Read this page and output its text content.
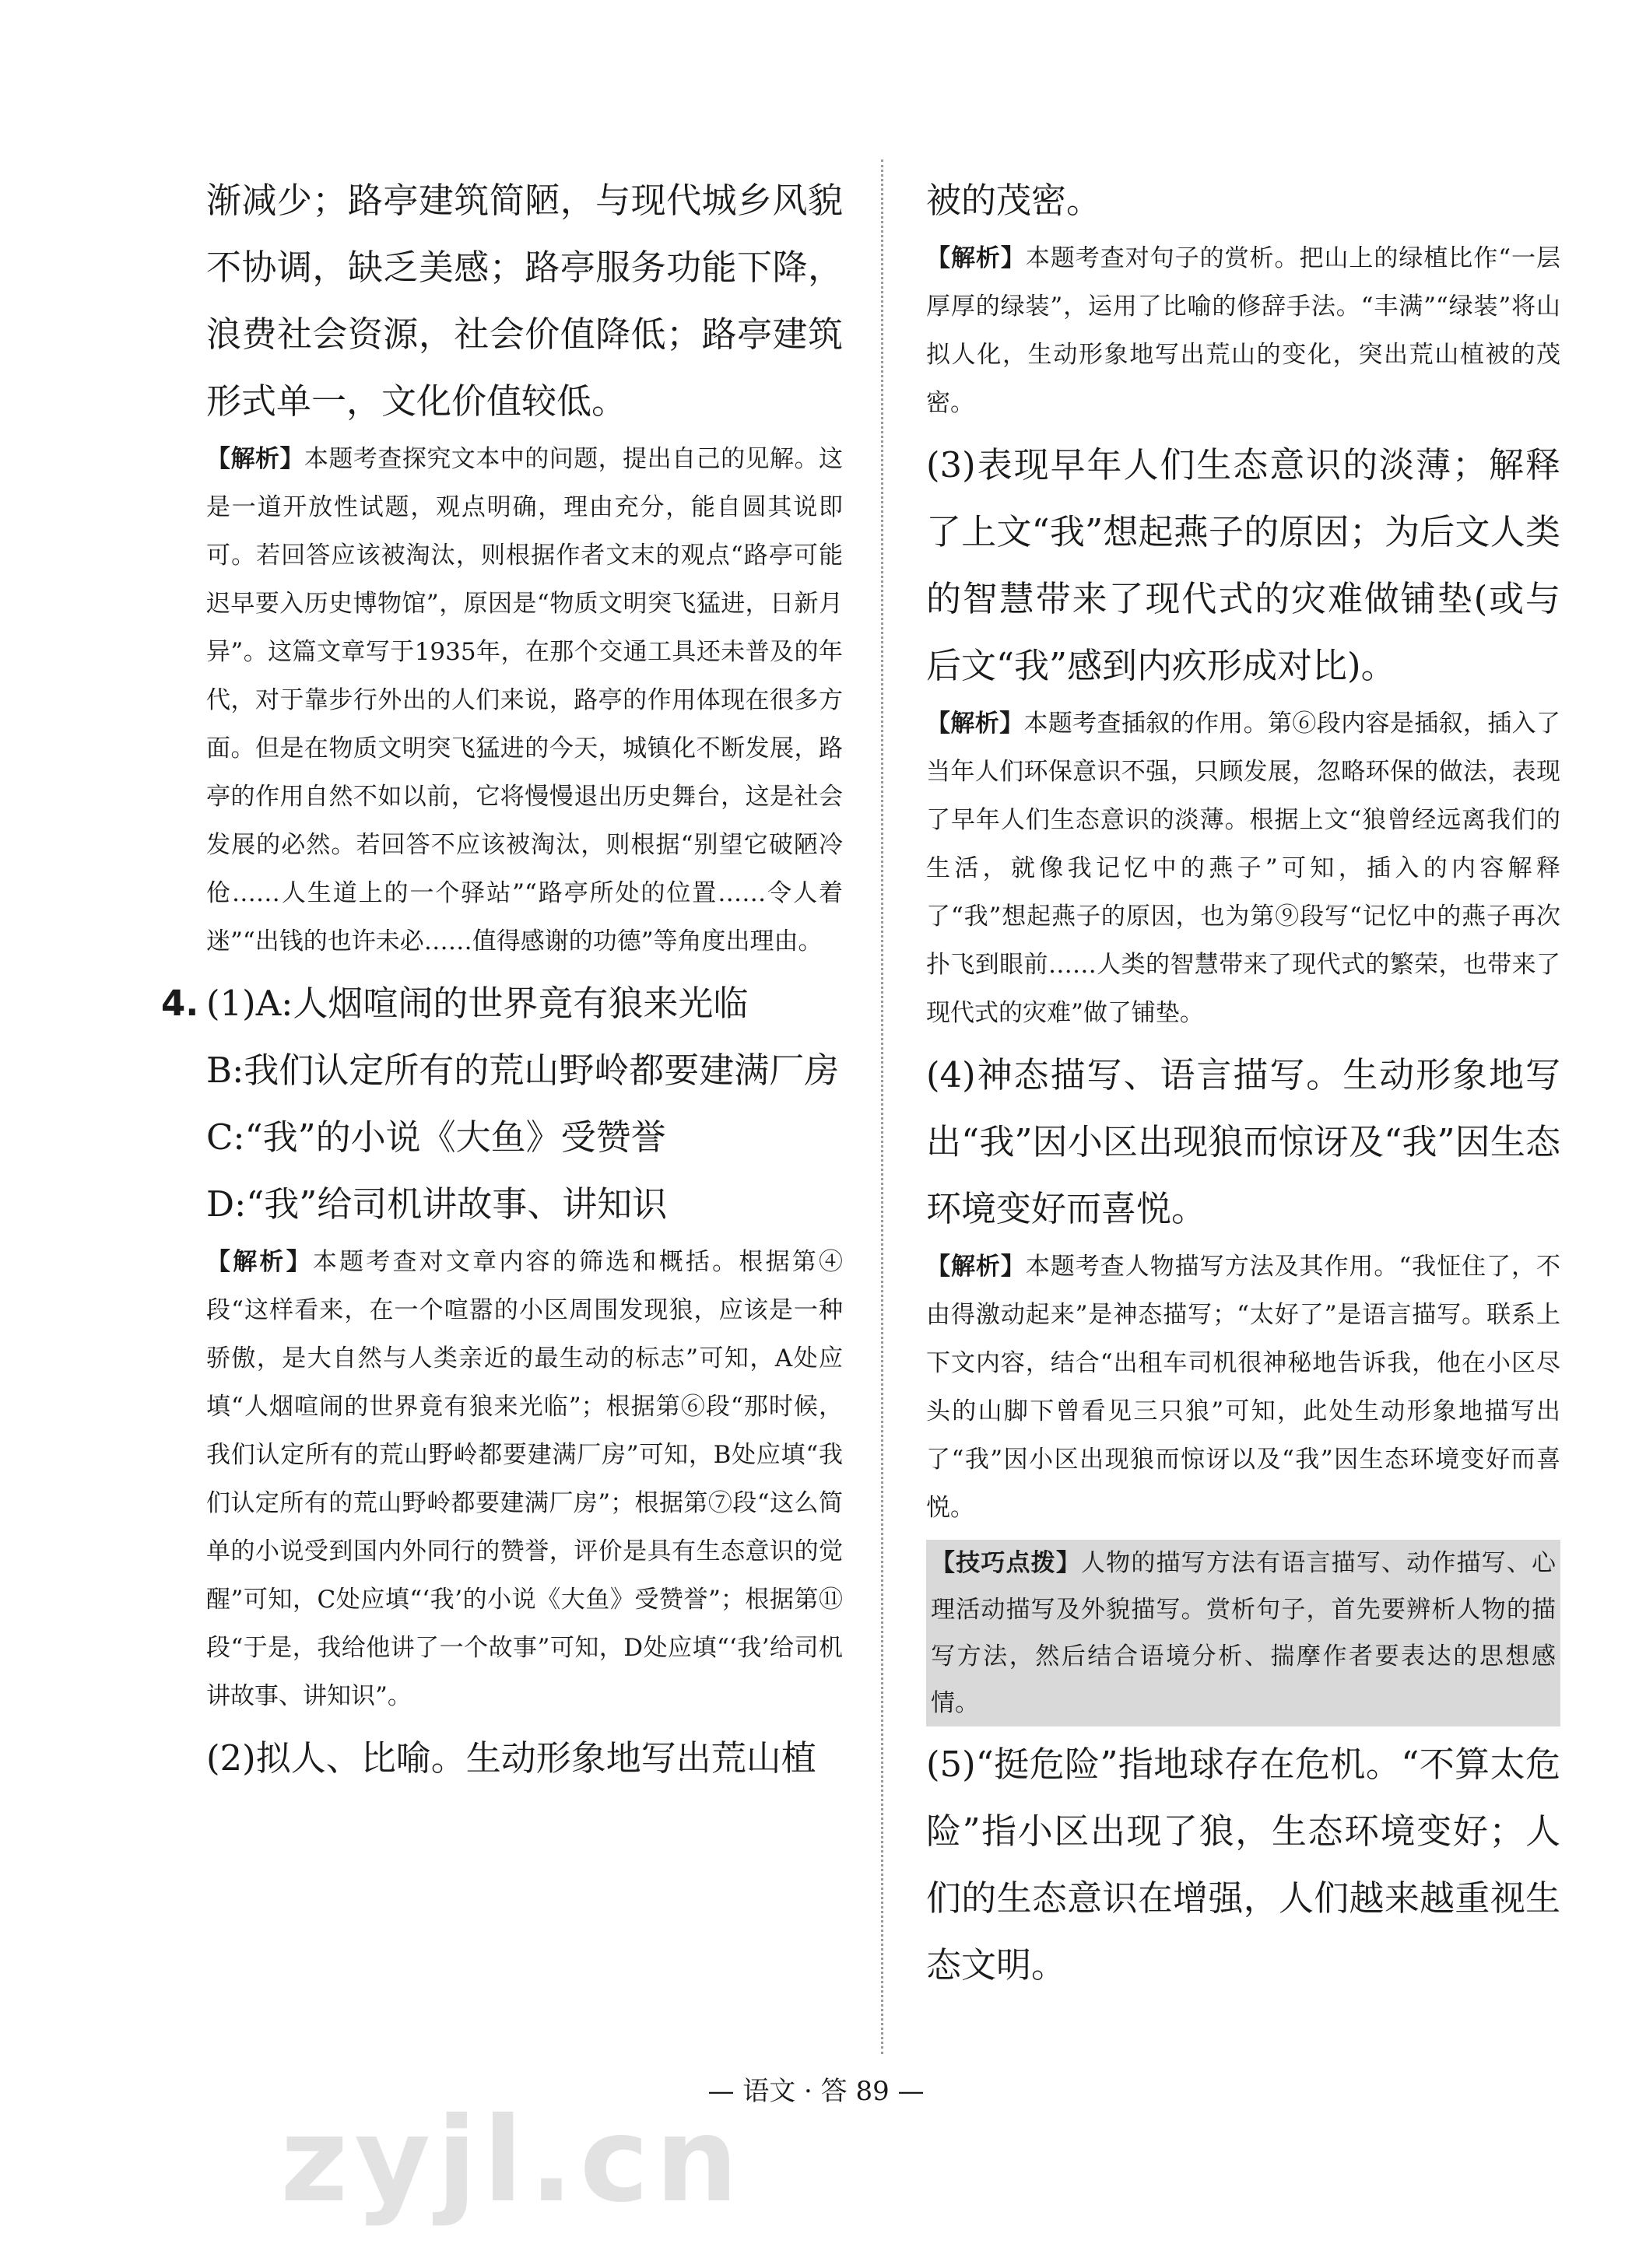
渐减少；路亭建筑简陋，与现代城乡风貌不协调，缺乏美感；路亭服务功能下降，浪费社会资源，社会价值降低；路亭建筑形式单一，文化价值较低。

【解析】本题考查探究文本中的问题，提出自己的见解。这是一道开放性试题，观点明确，理由充分，能自圆其说即可。若回答应该被淘汰，则根据作者文末的观点“路亭可能迟早要入历史博物馆”，原因是“物质文明突飞猛进，日新月异”。这篇文章写于1935年，在那个交通工具还未普及的年代，对于靠步行外出的人们来说，路亭的作用体现在很多方面。但是在物质文明突飞猛进的今天，城镇化不断发展，路亭的作用自然不如以前，它将慢慢退出历史舞台，这是社会发展的必然。若回答不应该被淘汰，则根据“别望它破陋冷伧……人生道上的一个驿站”“路亭所处的位置……令人着迷”“出钱的也许未必……值得感谢的功德”等角度出理由。

4. (1)A:人烟喧闹的世界竟有狼来光临

B:我们认定所有的荒山野岭都要建满厂房

C:“我”的小说《大鱼》受赞誉

D:“我”给司机讲故事、讲知识

【解析】本题考查对文章内容的筛选和概括。根据第④段“这样看来，在一个喧嚣的小区周围发现狼，应该是一种骄傲，是大自然与人类亲近的最生动的标志”可知，A处应填“人烟喧闹的世界竟有狼来光临”；根据第⑥段“那时候，我们认定所有的荒山野岭都要建满厂房”可知，B处应填“我们认定所有的荒山野岭都要建满厂房”；根据第⑦段“这么简单的小说受到国内外同行的赞誉，评价是具有生态意识的觉醒”可知，C处应填“‘我’的小说《大鱼》受赞誉”；根据第⑪段“于是，我给他讲了一个故事”可知，D处应填“‘我’给司机讲故事、讲知识”。

(2)拟人、比喻。生动形象地写出荒山植

被的茂密。

【解析】本题考查对句子的赏析。把山上的绿植比作“一层厚厚的绿装”，运用了比喻的修辞手法。“丰满”“绿装”将山拟人化，生动形象地写出荒山的变化，突出荒山植被的茂密。

(3)表现早年人们生态意识的淡薄；解释了上文“我”想起燕子的原因；为后文人类的智慧带来了现代式的灾难做铺垫(或与后文“我”感到内疚形成对比)。

【解析】本题考查插叙的作用。第⑥段内容是插叙，插入了当年人们环保意识不强，只顾发展，忽略环保的做法，表现了早年人们生态意识的淡薄。根据上文“狼曾经远离我们的生活，就像我记忆中的燕子”可知，插入的内容解释了“我”想起燕子的原因，也为第⑨段写“记忆中的燕子再次扑飞到眼前……人类的智慧带来了现代式的繁荣，也带来了现代式的灾难”做了铺垫。

(4)神态描写、语言描写。生动形象地写出“我”因小区出现狼而惊讶及“我”因生态环境变好而喜悦。

【解析】本题考查人物描写方法及其作用。“我怔住了，不由得激动起来”是神态描写；“太好了”是语言描写。联系上下文内容，结合“出租车司机很神秘地告诉我，他在小区尽头的山脚下曾看见三只狼”可知，此处生动形象地描写出了“我”因小区出现狼而惊讶以及“我”因生态环境变好而喜悦。

【技巧点拨】人物的描写方法有语言描写、动作描写、心理活动描写及外貌描写。赏析句子，首先要辨析人物的描写方法，然后结合语境分析、揣摩作者要表达的思想感情。

(5)“挺危险”指地球存在危机。“不算太危险”指小区出现了狼，生态环境变好；人们的生态意识在增强，人们越来越重视生态文明。

— 语文 · 答 89 —
zyjl.cn
